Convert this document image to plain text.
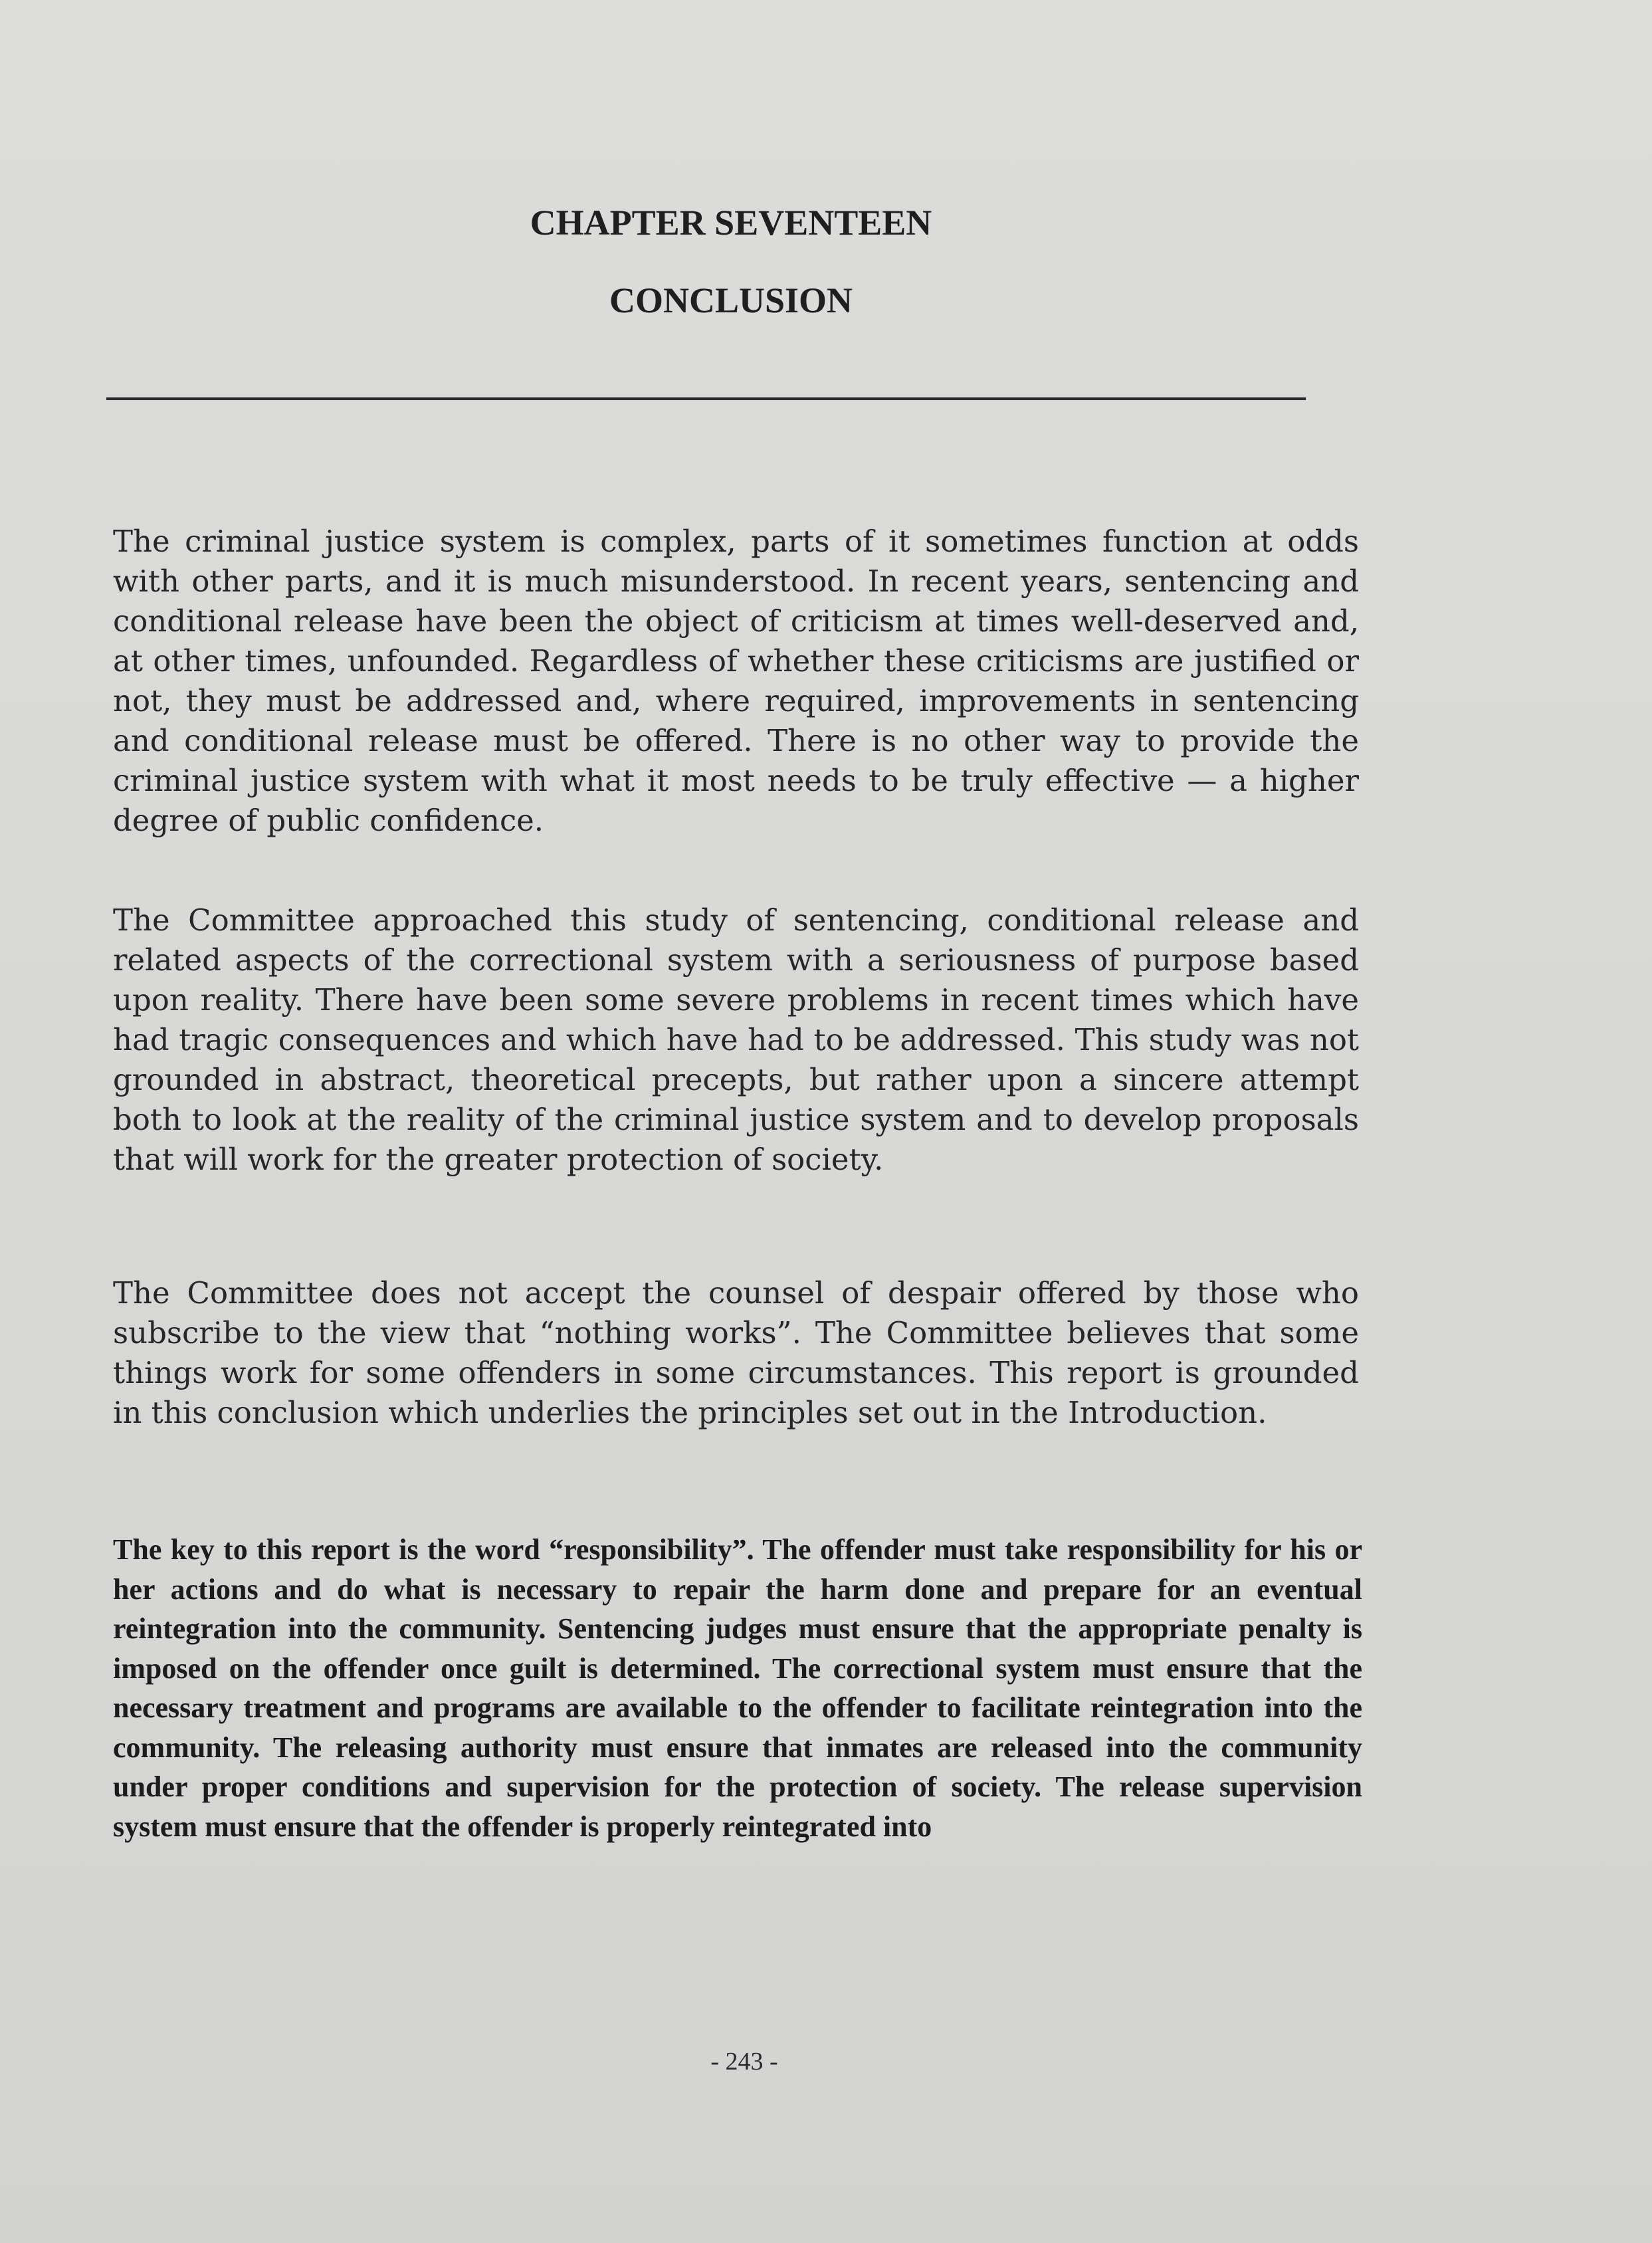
CHAPTER SEVENTEEN
CONCLUSION

The criminal justice system is complex, parts of it sometimes function at odds with other parts, and it is much misunderstood. In recent years, sentencing and conditional release have been the object of criticism at times well-deserved and, at other times, unfounded. Regardless of whether these criticisms are justified or not, they must be addressed and, where required, improvements in sentencing and conditional release must be offered. There is no other way to provide the criminal justice system with what it most needs to be truly effective — a higher degree of public confidence.

The Committee approached this study of sentencing, conditional release and related aspects of the correctional system with a seriousness of purpose based upon reality. There have been some severe problems in recent times which have had tragic consequences and which have had to be addressed. This study was not grounded in abstract, theoretical precepts, but rather upon a sincere attempt both to look at the reality of the criminal justice system and to develop proposals that will work for the greater protection of society.

The Committee does not accept the counsel of despair offered by those who subscribe to the view that “nothing works”. The Committee believes that some things work for some offenders in some circumstances. This report is grounded in this conclusion which underlies the principles set out in the Introduction.

The key to this report is the word “responsibility”. The offender must take responsibility for his or her actions and do what is necessary to repair the harm done and prepare for an eventual reintegration into the community. Sentencing judges must ensure that the appropriate penalty is imposed on the offender once guilt is determined. The correctional system must ensure that the necessary treatment and programs are available to the offender to facilitate reintegration into the community. The releasing authority must ensure that inmates are released into the community under proper conditions and supervision for the protection of society. The release supervision system must ensure that the offender is properly reintegrated into

- 243 -
